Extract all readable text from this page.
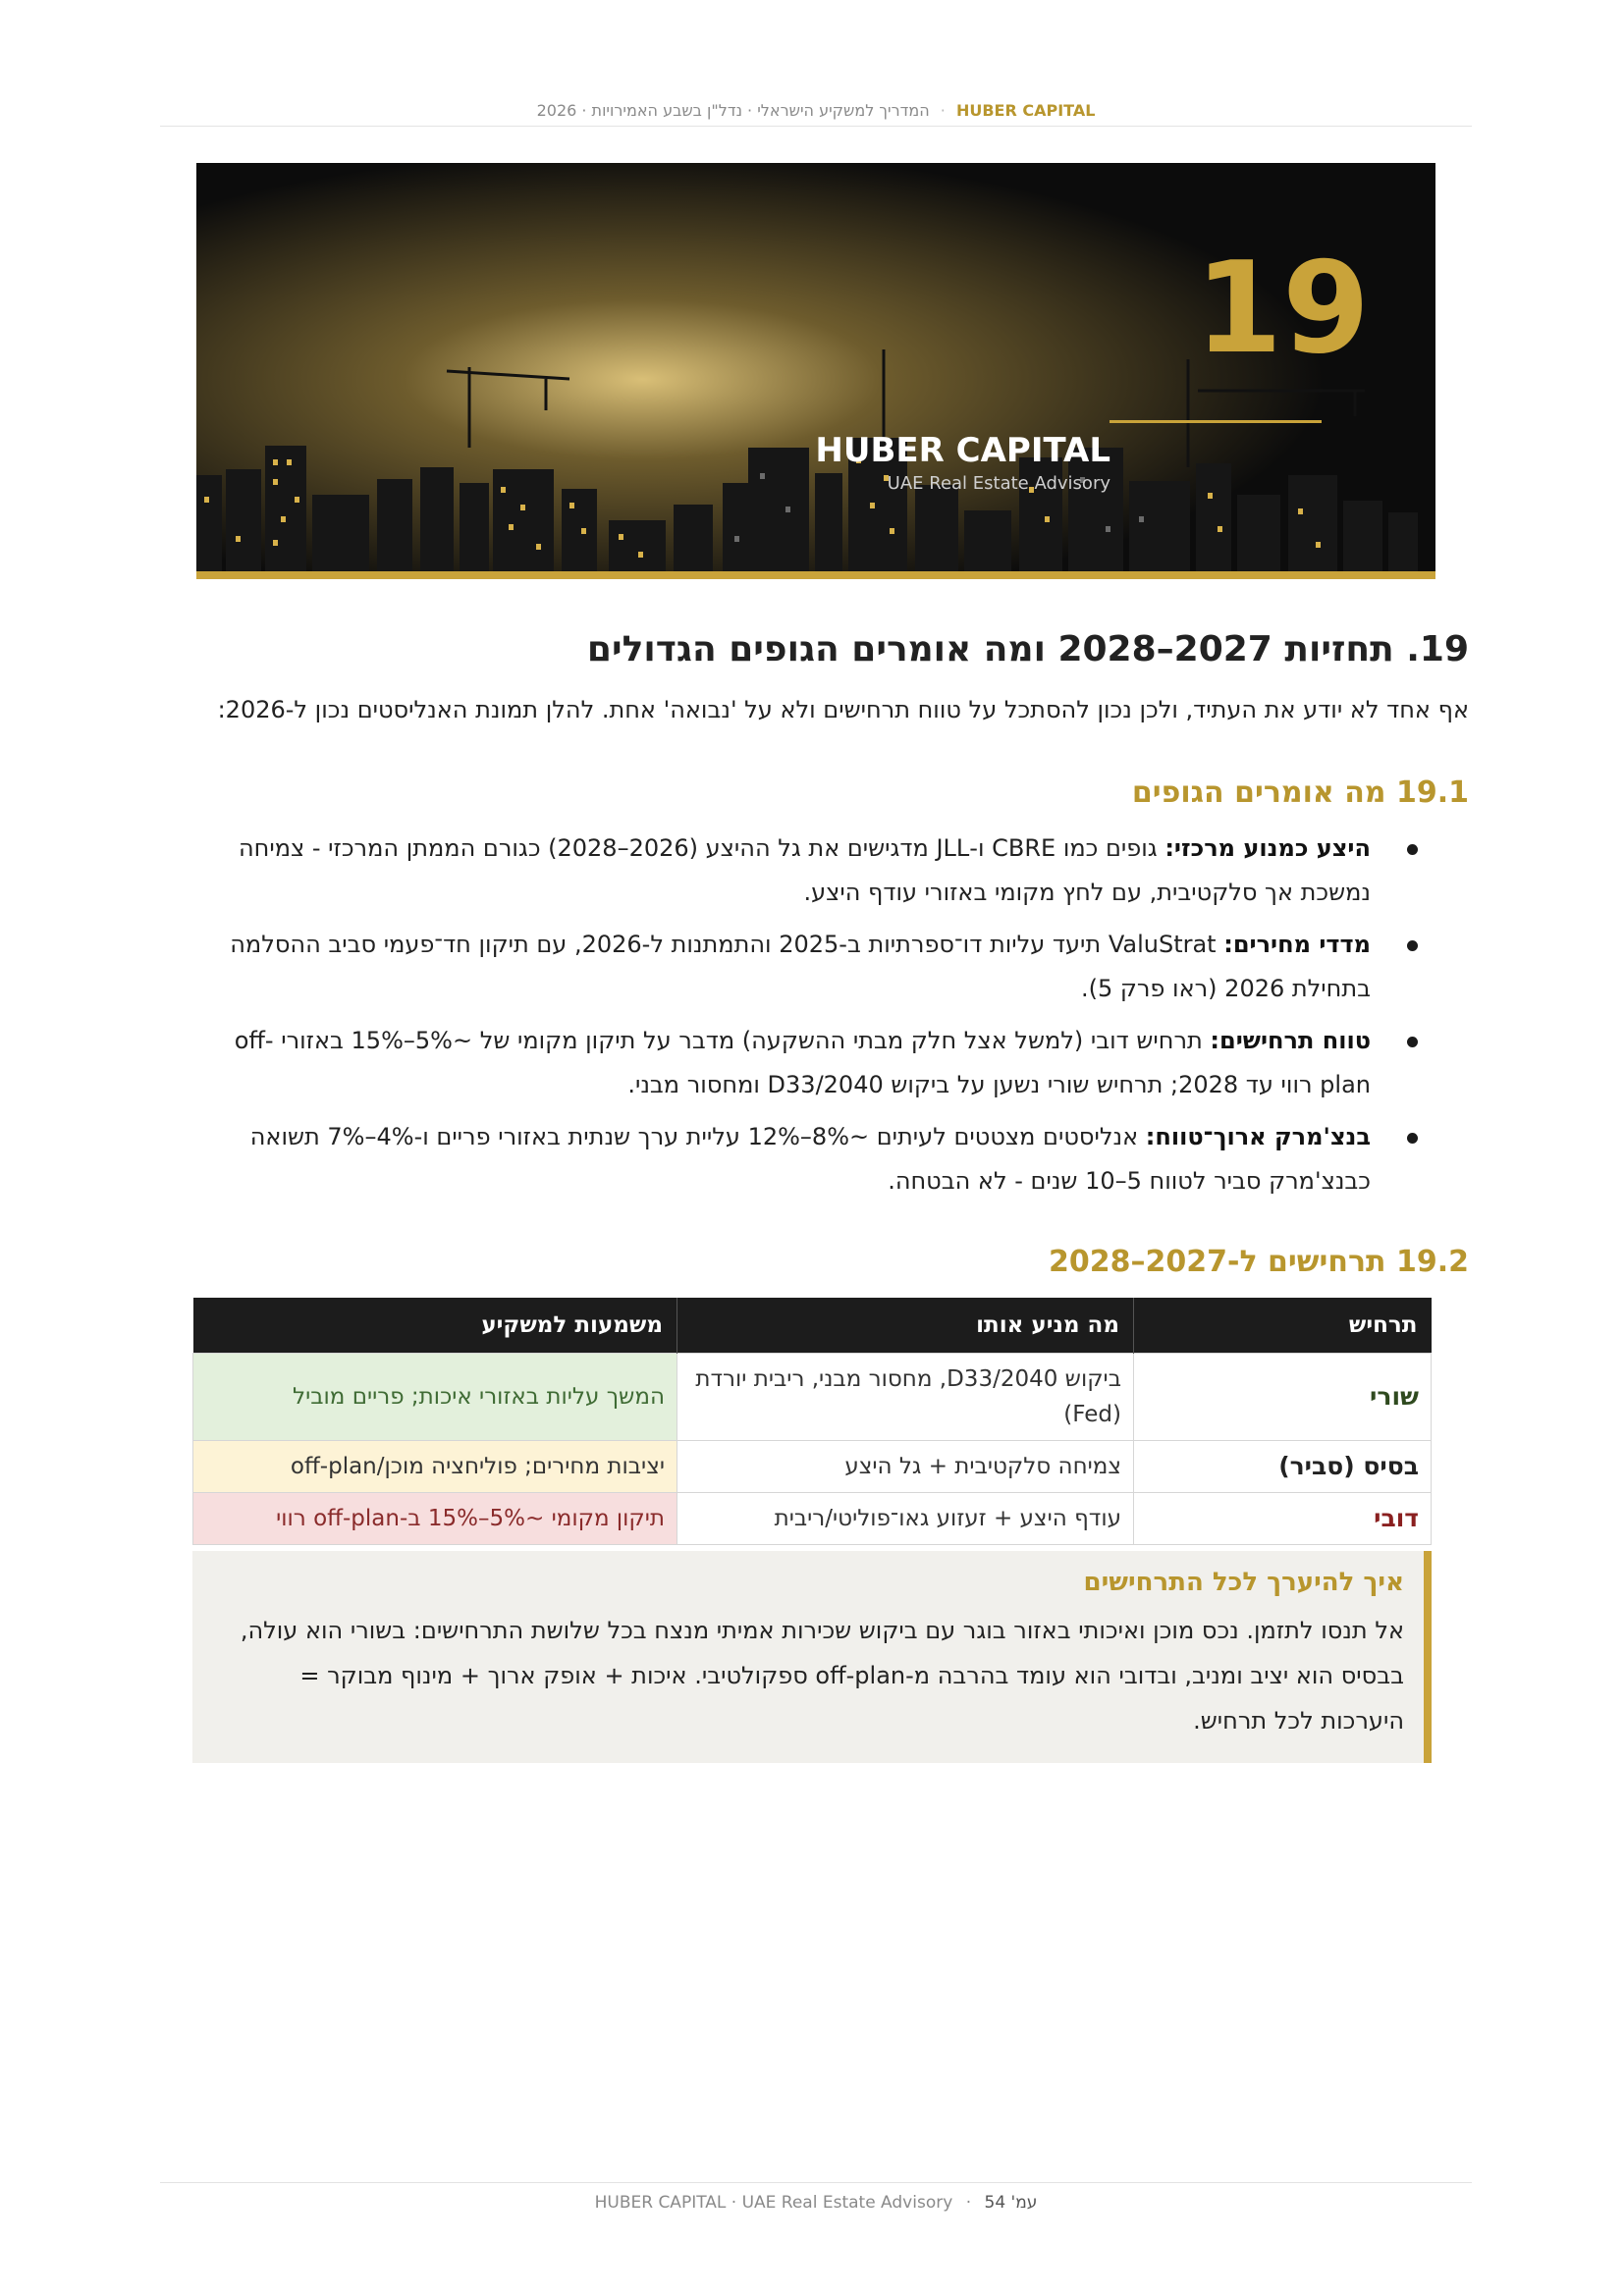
HUBER CAPITAL · המדריך למשקיע הישראלי · נדל"ן בשבע האמירויות · 2026
19
HUBER CAPITAL
UAE Real Estate Advisory
19. תחזיות 2027–2028 ומה אומרים הגופים הגדולים

אף אחד לא יודע את העתיד, ולכן נכון להסתכל על טווח תרחישים ולא על 'נבואה' אחת. להלן תמונת האנליסטים נכון ל-2026:

19.1 מה אומרים הגופים
היצע כמנוע מרכזי: גופים כמו CBRE ו-JLL מדגישים את גל ההיצע (2026–2028) כגורם הממתן המרכזי - צמיחה נמשכת אך סלקטיבית, עם לחץ מקומי באזורי עודף היצע.
מדדי מחירים: ValuStrat תיעד עליות דו־ספרתיות ב-2025 והתמתנות ל-2026, עם תיקון חד־פעמי סביב ההסלמה בתחילת 2026 (ראו פרק 5).
טווח תרחישים: תרחיש דובי (למשל אצל חלק מבתי ההשקעה) מדבר על תיקון מקומי של ~5%–15% באזורי off-plan רווי עד 2028; תרחיש שורי נשען על ביקוש D33/2040 ומחסור מבני.
בנצ'מרק ארוך־טווח: אנליסטים מצטטים לעיתים ~8%–12% עליית ערך שנתית באזורי פריים ו-4%–7% תשואה כבנצ'מרק סביר לטווח 5–10 שנים - לא הבטחה.
19.2 תרחישים ל-2027–2028
תרחיש	מה מניע אותו	משמעות למשקיע
שורי	ביקוש D33/2040, מחסור מבני, ריבית יורדת (Fed)	המשך עליות באזורי איכות; פריים מוביל
בסיס (סביר)	צמיחה סלקטיבית + גל היצע	יציבות מחירים; פוליחציה מוכן/off-plan
דובי	עודף היצע + זעזוע גאו־פוליטי/ריבית	תיקון מקומי ~5%–15% ב-off-plan רווי
איך להיערך לכל התרחישים

אל תנסו לתזמן. נכס מוכן ואיכותי באזור בוגר עם ביקוש שכירות אמיתי מנצח בכל שלושת התרחישים: בשורי הוא עולה, בבסיס הוא יציב ומניב, ובדובי הוא עומד בהרבה מ-off-plan ספקולטיבי. איכות + אופק ארוך + מינוף מבוקר = היערכות לכל תרחיש.

עמ' 54 · HUBER CAPITAL · UAE Real Estate Advisory
